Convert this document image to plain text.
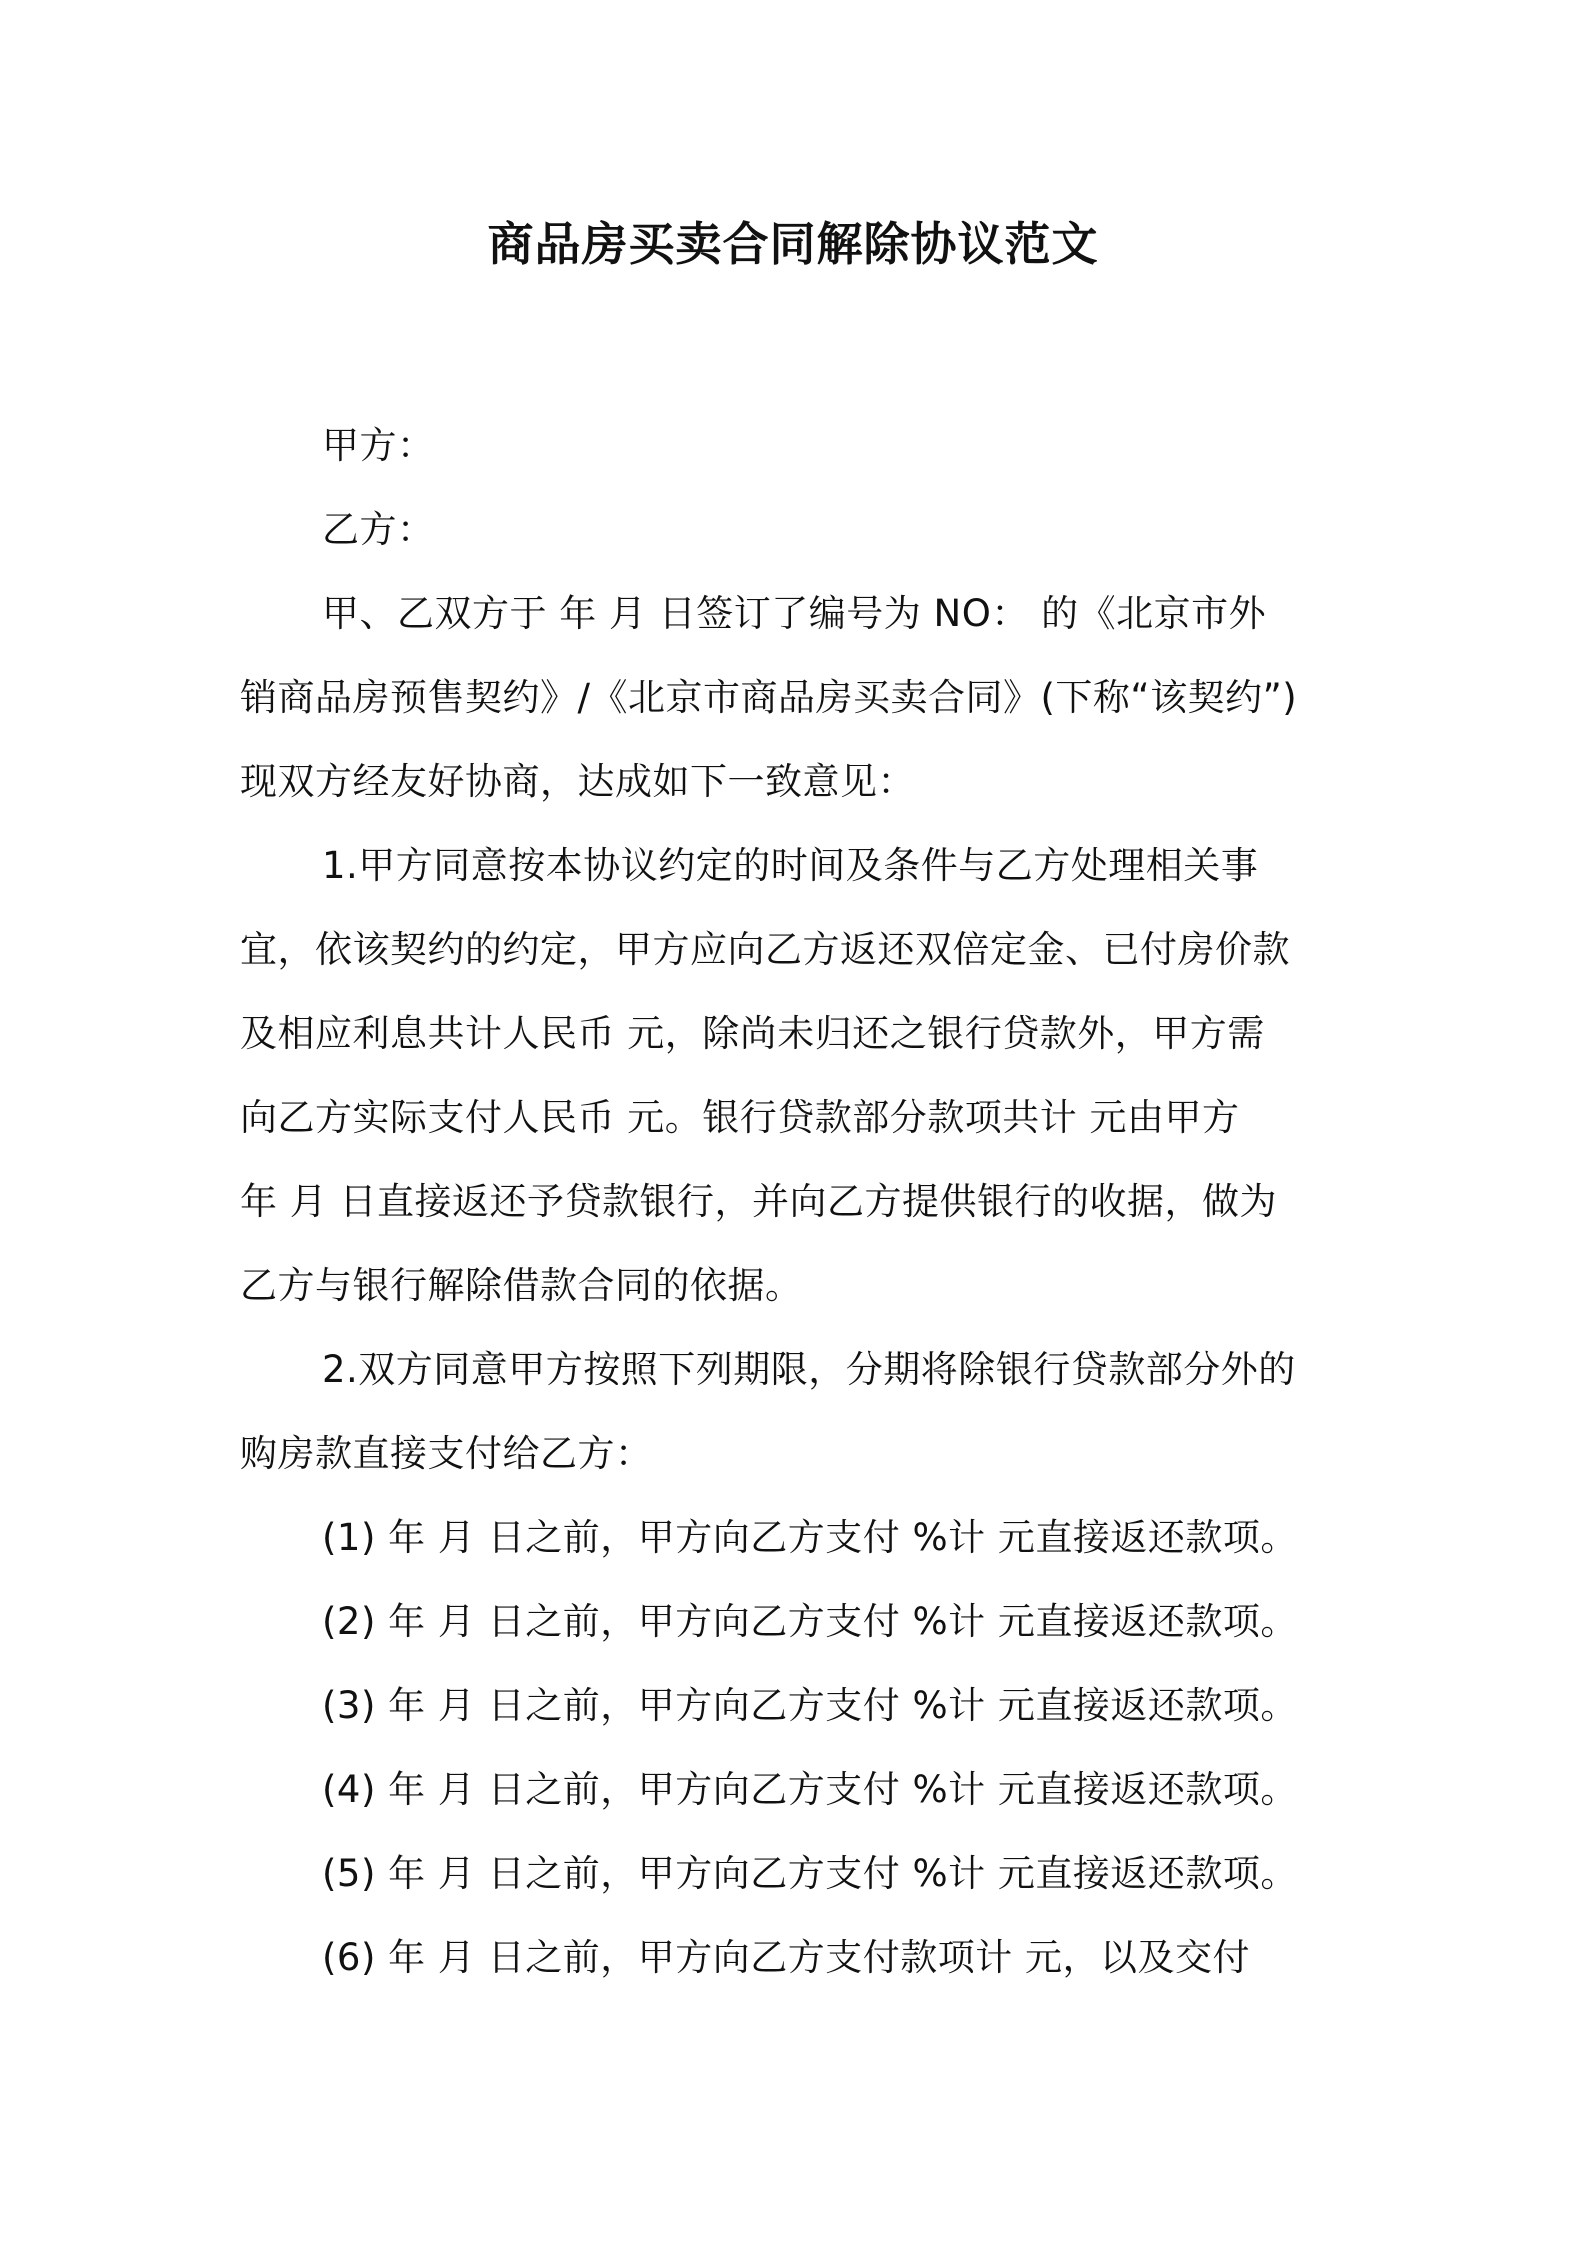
商品房买卖合同解除协议范文
甲方：
乙方：
甲、乙双方于 年 月 日签订了编号为 NO： 的《北京市外
销商品房预售契约》/《北京市商品房买卖合同》(下称“该契约”)
现双方经友好协商，达成如下一致意见：
1.甲方同意按本协议约定的时间及条件与乙方处理相关事
宜，依该契约的约定，甲方应向乙方返还双倍定金、已付房价款
及相应利息共计人民币 元，除尚未归还之银行贷款外，甲方需
向乙方实际支付人民币 元。银行贷款部分款项共计 元由甲方
年 月 日直接返还予贷款银行，并向乙方提供银行的收据，做为
乙方与银行解除借款合同的依据。
2.双方同意甲方按照下列期限，分期将除银行贷款部分外的
购房款直接支付给乙方：
(1) 年 月 日之前，甲方向乙方支付 %计 元直接返还款项。
(2) 年 月 日之前，甲方向乙方支付 %计 元直接返还款项。
(3) 年 月 日之前，甲方向乙方支付 %计 元直接返还款项。
(4) 年 月 日之前，甲方向乙方支付 %计 元直接返还款项。
(5) 年 月 日之前，甲方向乙方支付 %计 元直接返还款项。
(6) 年 月 日之前，甲方向乙方支付款项计 元，以及交付
